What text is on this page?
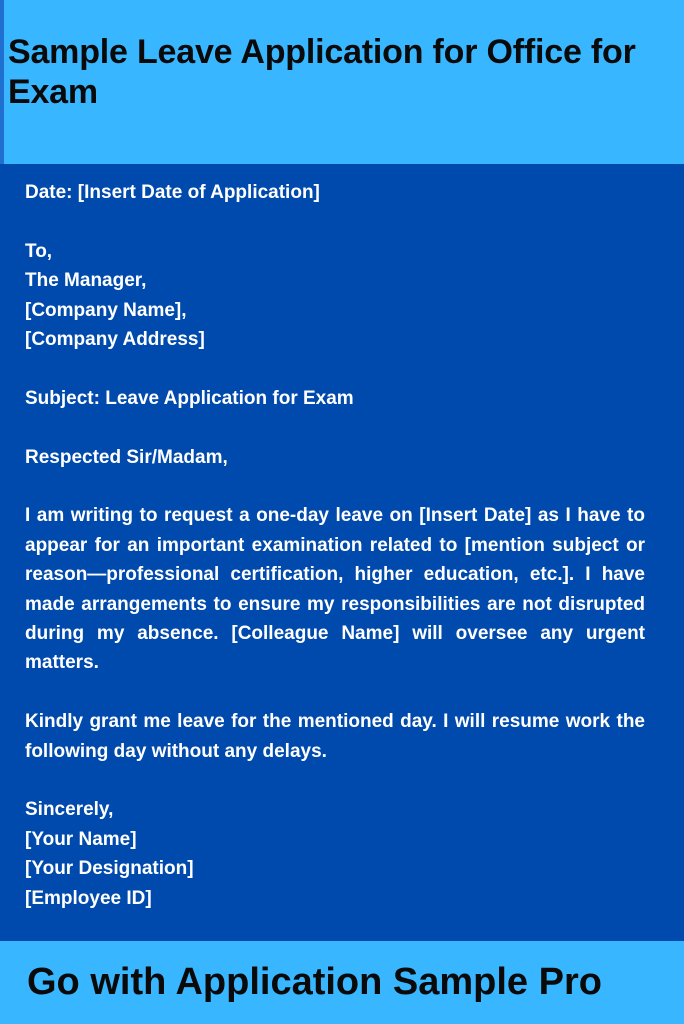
Sample Leave Application for Office for Exam

Date: [Insert Date of Application]

To,
The Manager,
[Company Name],
[Company Address]

Subject: Leave Application for Exam

Respected Sir/Madam,

I am writing to request a one-day leave on [Insert Date] as I have to appear for an important examination related to [mention subject or reason—professional certification, higher education, etc.]. I have made arrangements to ensure my responsibilities are not disrupted during my absence. [Colleague Name] will oversee any urgent matters.

Kindly grant me leave for the mentioned day. I will resume work the following day without any delays.

Sincerely,
[Your Name]
[Your Designation]
[Employee ID]

Go with Application Sample Pro
